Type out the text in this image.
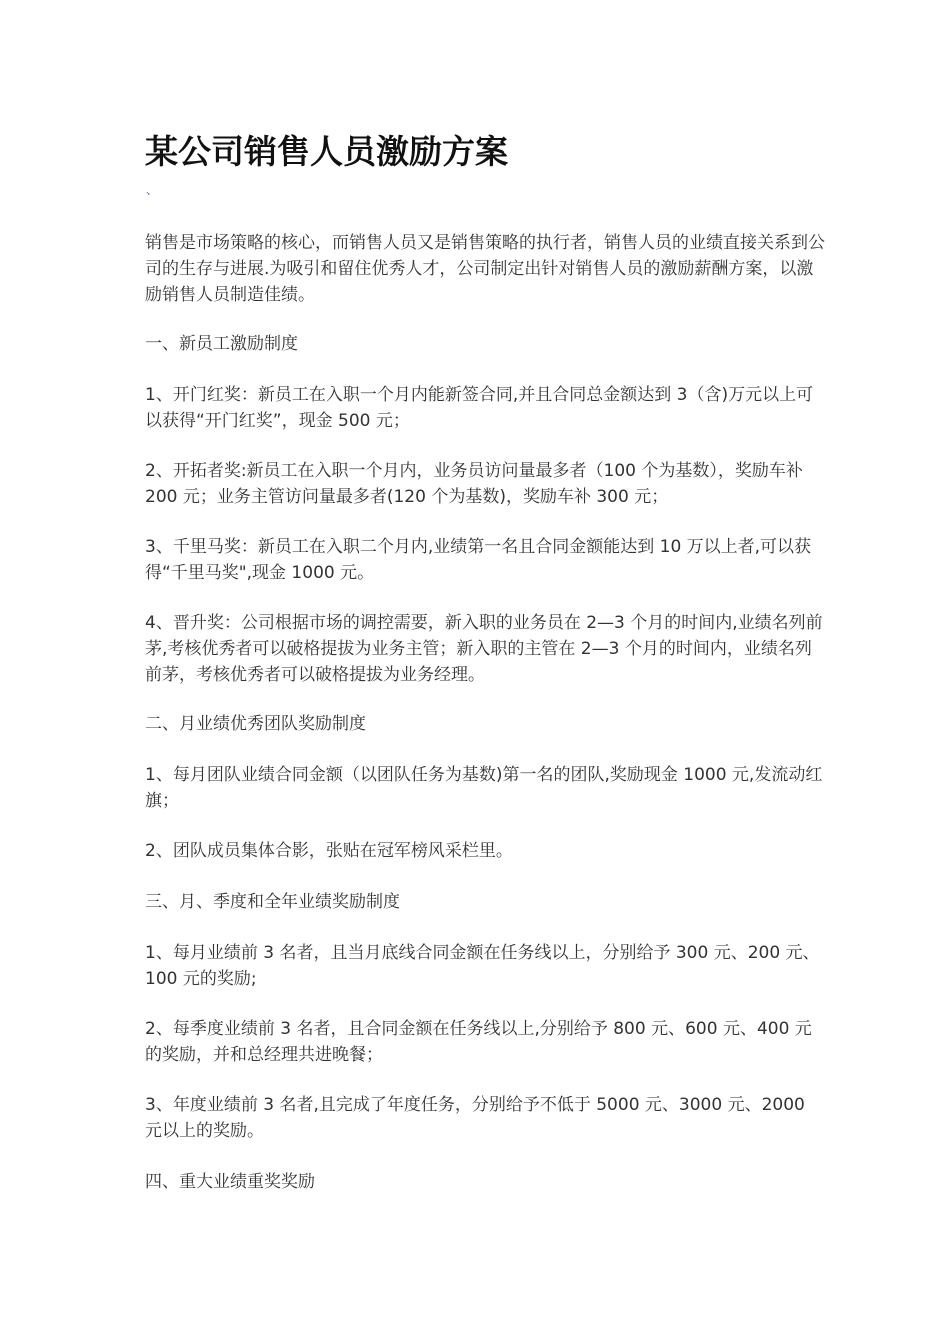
某公司销售人员激励方案
、

销售是市场策略的核心，而销售人员又是销售策略的执行者，销售人员的业绩直接关系到公司的生存与进展.为吸引和留住优秀人才，公司制定出针对销售人员的激励薪酬方案，以激励销售人员制造佳绩。

一、新员工激励制度

1、开门红奖：新员工在入职一个月内能新签合同,并且合同总金额达到 3（含)万元以上可以获得“开门红奖”，现金 500 元；

2、开拓者奖:新员工在入职一个月内，业务员访问量最多者（100 个为基数），奖励车补 200 元；业务主管访问量最多者(120 个为基数)，奖励车补 300 元；

3、千里马奖：新员工在入职二个月内,业绩第一名且合同金额能达到 10 万以上者,可以获得“千里马奖",现金 1000 元。

4、晋升奖：公司根据市场的调控需要，新入职的业务员在 2—3 个月的时间内,业绩名列前茅,考核优秀者可以破格提拔为业务主管；新入职的主管在 2—3 个月的时间内，业绩名列前茅，考核优秀者可以破格提拔为业务经理。

二、月业绩优秀团队奖励制度

1、每月团队业绩合同金额（以团队任务为基数)第一名的团队,奖励现金 1000 元,发流动红旗；

2、团队成员集体合影，张贴在冠军榜风采栏里。

三、月、季度和全年业绩奖励制度

1、每月业绩前 3 名者，且当月底线合同金额在任务线以上，分别给予 300 元、200 元、100 元的奖励;

2、每季度业绩前 3 名者，且合同金额在任务线以上,分别给予 800 元、600 元、400 元的奖励，并和总经理共进晚餐；

3、年度业绩前 3 名者,且完成了年度任务，分别给予不低于 5000 元、3000 元、2000 元以上的奖励。

四、重大业绩重奖奖励
